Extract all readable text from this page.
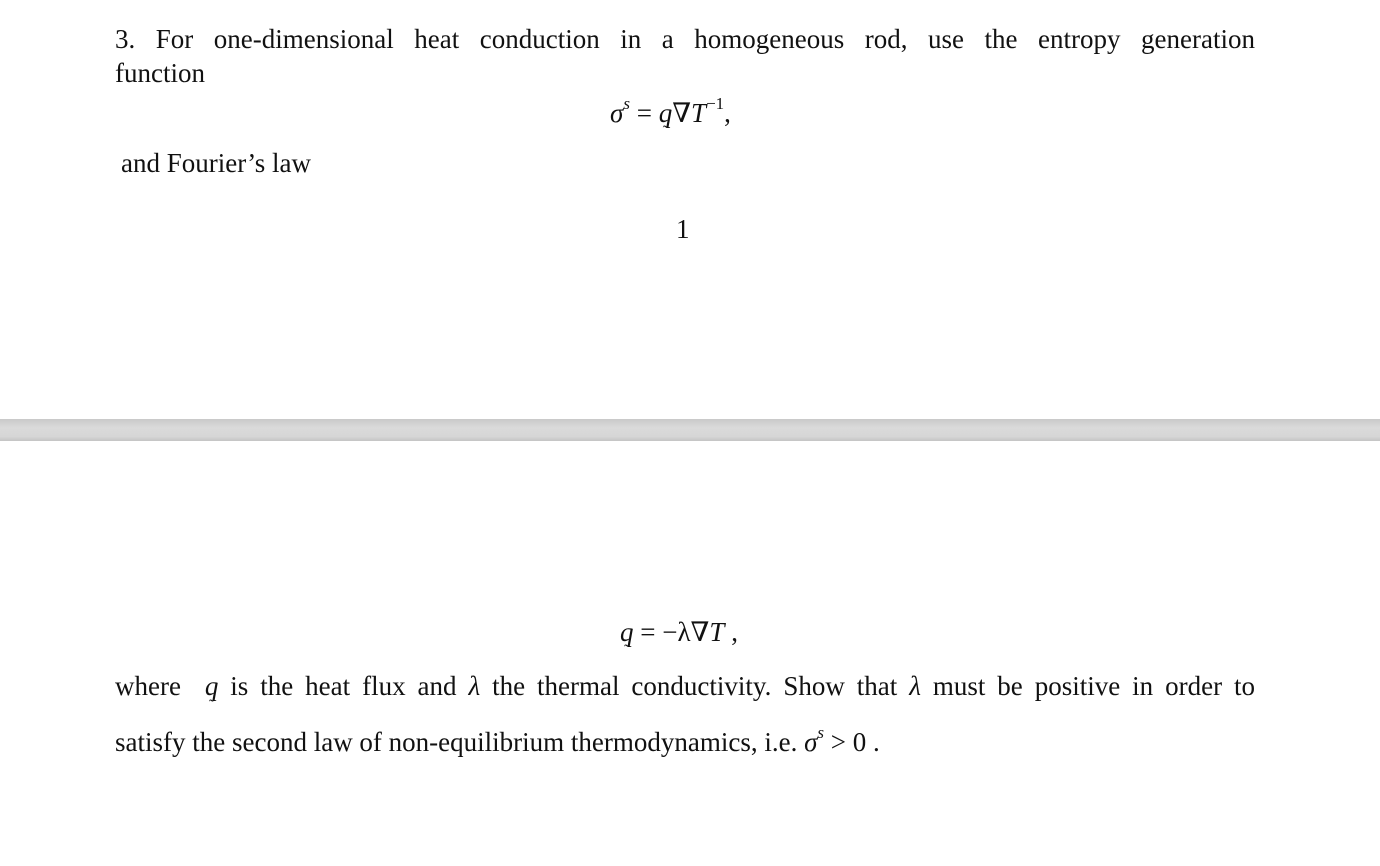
3. For one-dimensional heat conduction in a homogeneous rod, use the entropy generation
function
$\sigma^s = q$
˜
$\nabla T^{-1}$,
and Fourier’s law
1
q
˜
= −λ∇T ,
where q
˜
is the heat flux and λ the thermal conductivity. Show that λ must be positive in order to
satisfy the second law of non-equilibrium thermodynamics, i.e. $\sigma^s > 0$ .
